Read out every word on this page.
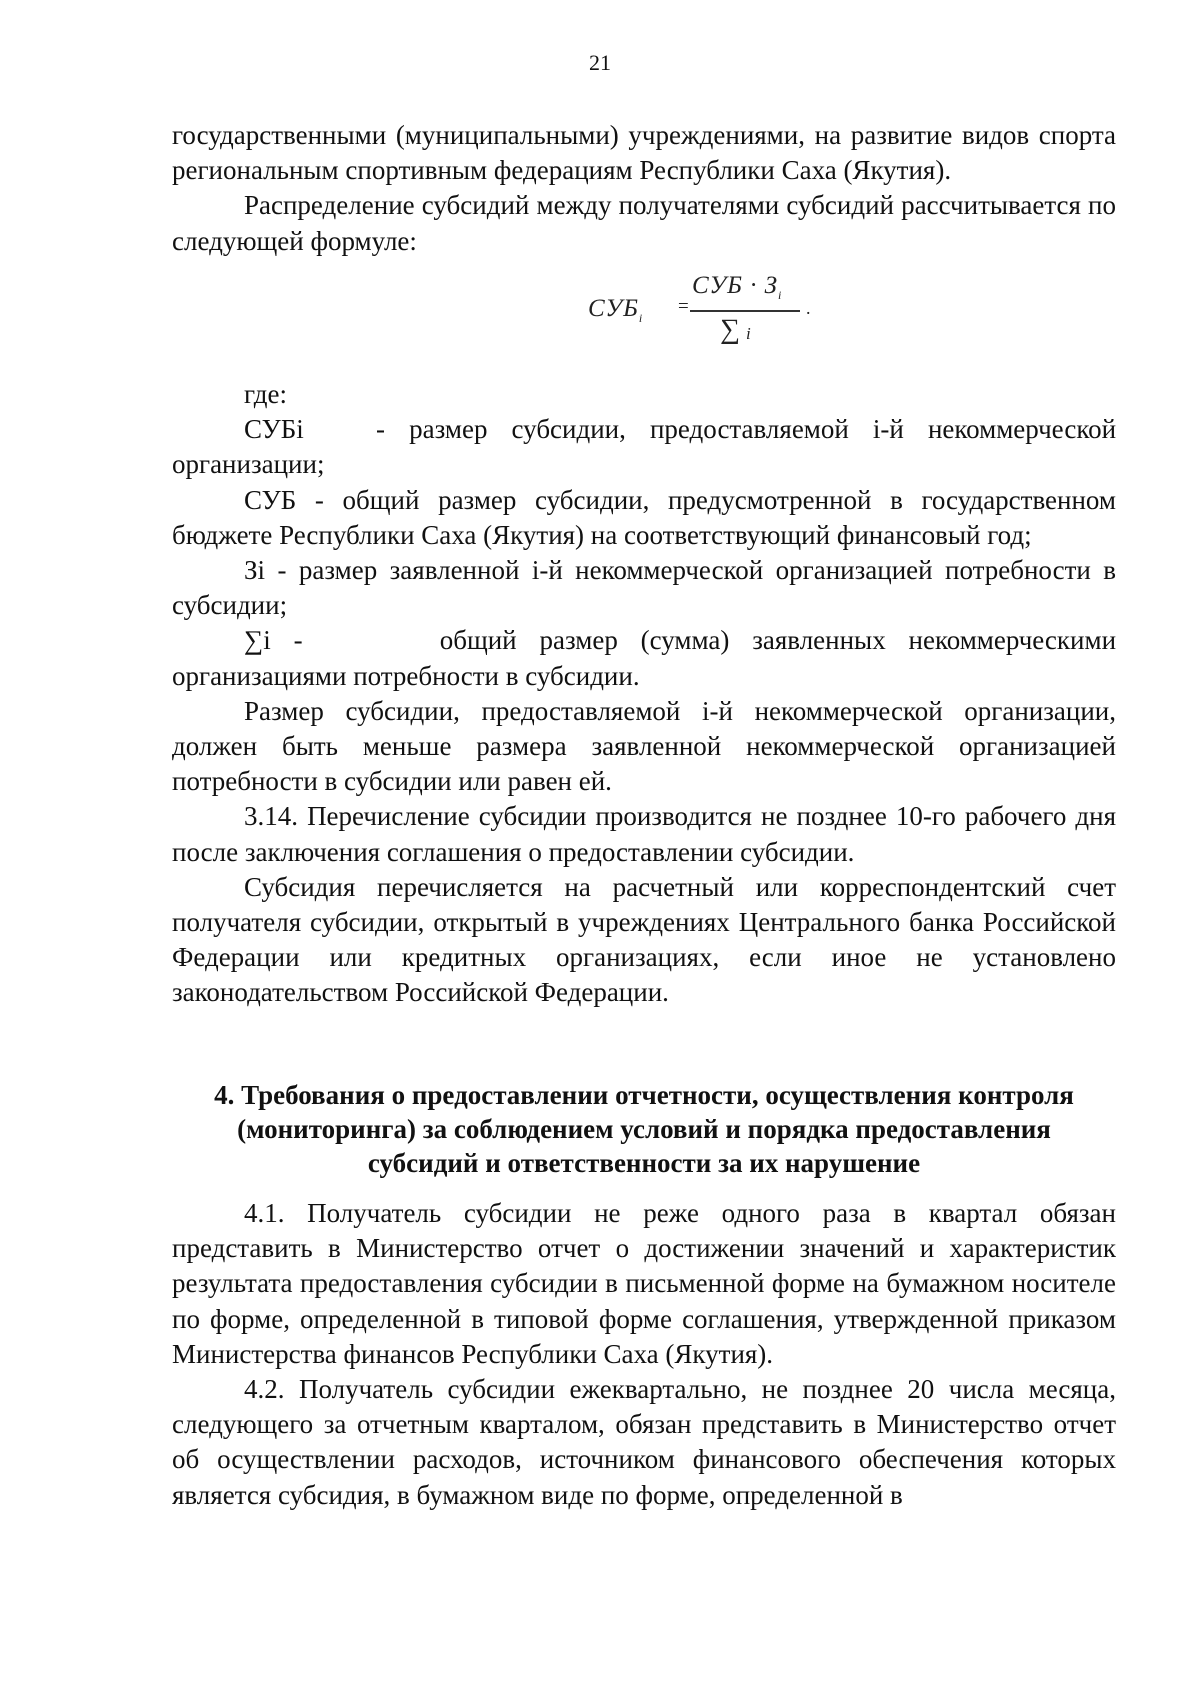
21

государственными (муниципальными) учреждениями, на развитие видов спорта региональным спортивным федерациям Республики Саха (Якутия).

Распределение субсидий между получателями субсидий рассчитывается по следующей формуле:

$СУБ_i$
=
СУБ · $З_i$
∑ i
.

где:

СУБi	- размер субсидии, предоставляемой i-й некоммерческой организации;

СУБ - общий размер субсидии, предусмотренной в государственном бюджете Республики Саха (Якутия) на соответствующий финансовый год;

Зi - размер заявленной i-й некоммерческой организацией потребности в субсидии;

∑i -	общий размер (сумма) заявленных некоммерческими организациями потребности в субсидии.

Размер субсидии, предоставляемой i-й некоммерческой организации, должен быть меньше размера заявленной некоммерческой организацией потребности в субсидии или равен ей.

3.14. Перечисление субсидии производится не позднее 10-го рабочего дня после заключения соглашения о предоставлении субсидии.

Субсидия перечисляется на расчетный или корреспондентский счет получателя субсидии, открытый в учреждениях Центрального банка Российской Федерации или кредитных организациях, если иное не установлено законодательством Российской Федерации.

4. Требования о предоставлении отчетности, осуществления контроля
(мониторинга) за соблюдением условий и порядка предоставления
субсидий и ответственности за их нарушение

4.1. Получатель субсидии не реже одного раза в квартал обязан представить в Министерство отчет о достижении значений и характеристик результата предоставления субсидии в письменной форме на бумажном носителе по форме, определенной в типовой форме соглашения, утвержденной приказом Министерства финансов Республики Саха (Якутия).

4.2. Получатель субсидии ежеквартально, не позднее 20 числа месяца, следующего за отчетным кварталом, обязан представить в Министерство отчет об осуществлении расходов, источником финансового обеспечения которых является субсидия, в бумажном виде по форме, определенной в
